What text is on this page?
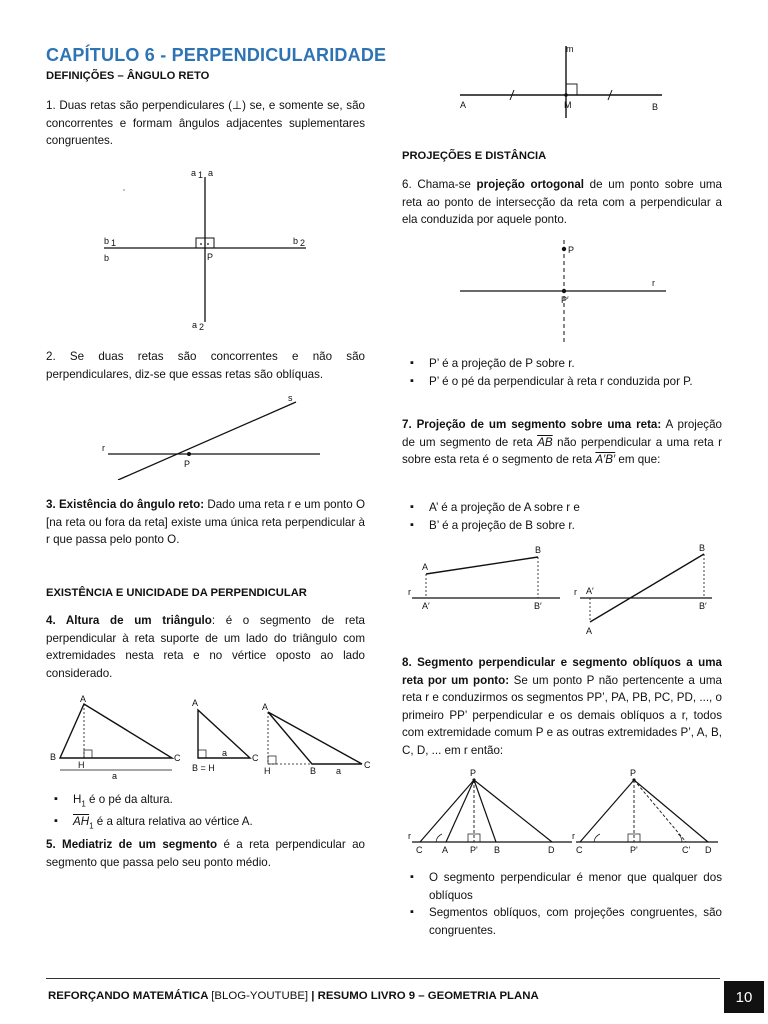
CAPÍTULO 6 - PERPENDICULARIDADE
DEFINIÇÕES – ÂNGULO RETO

1. Duas retas são perpendiculares (⊥) se, e somente se, são concorrentes e formam ângulos adjacentes suplementares congruentes.

a 1 a
b 1	b 2
b	P
a 2

2. Se duas retas são concorrentes e não são perpendiculares, diz-se que essas retas são oblíquas.

s
r
P

3. Existência do ângulo reto: Dado uma reta r e um ponto O [na reta ou fora da reta] existe uma única reta perpendicular à r que passa pelo ponto O.

EXISTÊNCIA E UNICIDADE DA PERPENDICULAR

4. Altura de um triângulo: é o segmento de reta perpendicular à reta suporte de um lado do triângulo com extremidades nesta reta e no vértice oposto ao lado considerado.

A
B	C
H
a
A
B = H
C
a
A
H	B
C
a
▪ $H_1$ é o pé da altura.
▪ $\overline{AH}_1$ é a altura relativa ao vértice A.

5. Mediatriz de um segmento é a reta perpendicular ao segmento que passa pelo seu ponto médio.

m
A	M	B
PROJEÇÕES E DISTÂNCIA

6. Chama-se projeção ortogonal de um ponto sobre uma reta ao ponto de intersecção da reta com a perpendicular a ela conduzida por aquele ponto.

P
P′
r
▪ P’ é a projeção de P sobre r.
▪ P’ é o pé da perpendicular à reta r conduzida por P.

7. Projeção de um segmento sobre uma reta: A projeção de um segmento de reta $\overline{AB}$ não perpendicular a uma reta r sobre esta reta é o segmento de reta A′B′ em que:

▪ A’ é a projeção de A sobre r e
▪ B’ é a projeção de B sobre r.
A
B
A′	B′
r
A
B
A′
B′
r

8. Segmento perpendicular e segmento oblíquos a uma reta por um ponto: Se um ponto P não pertencente a uma reta r e conduzirmos os segmentos PP’, PA, PB, PC, PD, ..., o primeiro PP’ perpendicular e os demais oblíquos a r, todos com extremidade comum P e as outras extremidades P’, A, B, C, D, ... em r então:

P
C A P' B	D
r
P
C	P'	C' D
r
▪ O segmento perpendicular é menor que qualquer dos oblíquos
▪ Segmentos oblíquos, com projeções congruentes, são congruentes.
REFORÇANDO MATEMÁTICA [BLOG-YOUTUBE] | RESUMO LIVRO 9 – GEOMETRIA PLANA	10
